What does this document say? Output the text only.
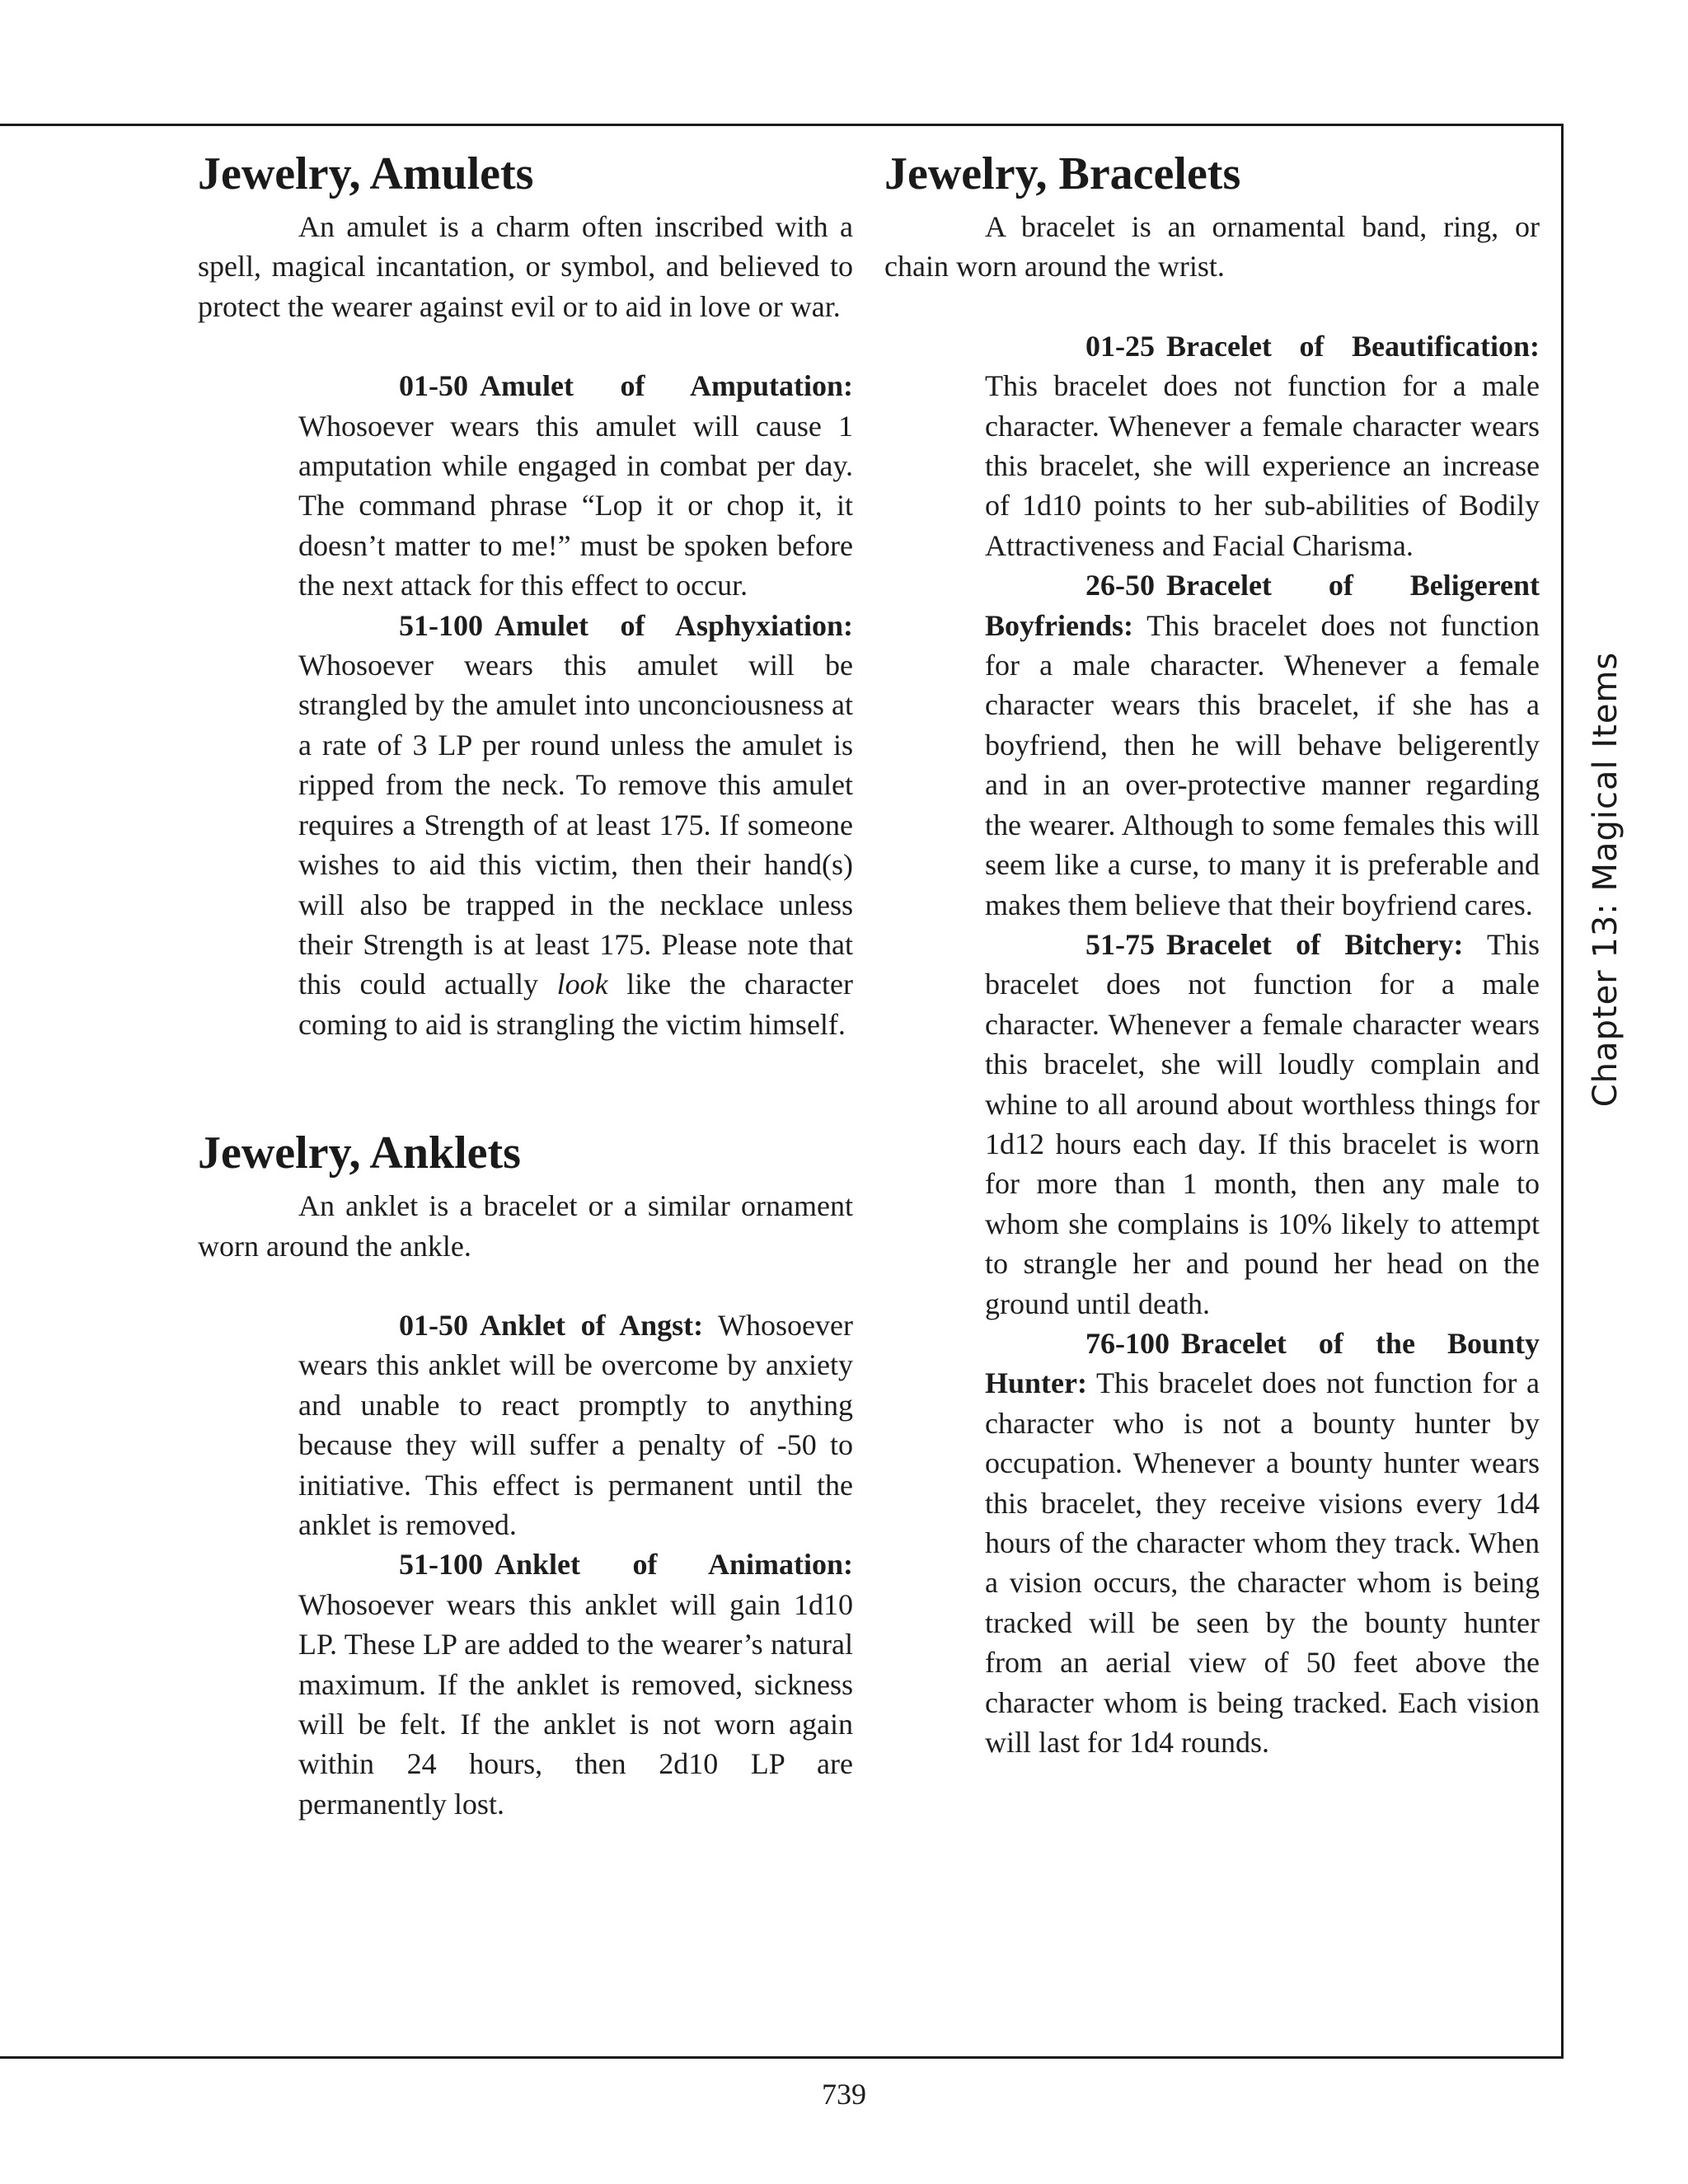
Jewelry, Amulets

An amulet is a charm often inscribed with a spell, magical incantation, or symbol, and believed to protect the wearer against evil or to aid in love or war.

01-50 Amulet of Amputation: Whosoever wears this amulet will cause 1 amputation while engaged in combat per day. The command phrase “Lop it or chop it, it doesn’t matter to me!” must be spoken before the next attack for this effect to occur.

51-100 Amulet of Asphyxiation: Whosoever wears this amulet will be strangled by the amulet into unconciousness at a rate of 3 LP per round unless the amulet is ripped from the neck. To remove this amulet requires a Strength of at least 175. If someone wishes to aid this victim, then their hand(s) will also be trapped in the necklace unless their Strength is at least 175. Please note that this could actually look like the character coming to aid is strangling the victim himself.

Jewelry, Anklets

An anklet is a bracelet or a similar ornament worn around the ankle.

01-50 Anklet of Angst: Whosoever wears this anklet will be overcome by anxiety and unable to react promptly to anything because they will suffer a penalty of -50 to initiative. This effect is permanent until the anklet is removed.

51-100 Anklet of Animation: Whosoever wears this anklet will gain 1d10 LP. These LP are added to the wearer’s natural maximum. If the anklet is removed, sickness will be felt. If the anklet is not worn again within 24 hours, then 2d10 LP are permanently lost.

Jewelry, Bracelets

A bracelet is an ornamental band, ring, or chain worn around the wrist.

01-25 Bracelet of Beautification: This bracelet does not function for a male character. Whenever a female character wears this bracelet, she will experience an increase of 1d10 points to her sub-abilities of Bodily Attractiveness and Facial Charisma.

26-50 Bracelet of Beligerent Boyfriends: This bracelet does not function for a male character. Whenever a female character wears this bracelet, if she has a boyfriend, then he will behave beligerently and in an over-protective manner regarding the wearer. Although to some females this will seem like a curse, to many it is preferable and makes them believe that their boyfriend cares.

51-75 Bracelet of Bitchery: This bracelet does not function for a male character. Whenever a female character wears this bracelet, she will loudly complain and whine to all around about worthless things for 1d12 hours each day. If this bracelet is worn for more than 1 month, then any male to whom she complains is 10% likely to attempt to strangle her and pound her head on the ground until death.

76-100 Bracelet of the Bounty Hunter: This bracelet does not function for a character who is not a bounty hunter by occupation. Whenever a bounty hunter wears this bracelet, they receive visions every 1d4 hours of the character whom they track. When a vision occurs, the character whom is being tracked will be seen by the bounty hunter from an aerial view of 50 feet above the character whom is being tracked. Each vision will last for 1d4 rounds.

Chapter 13: Magical Items
739
